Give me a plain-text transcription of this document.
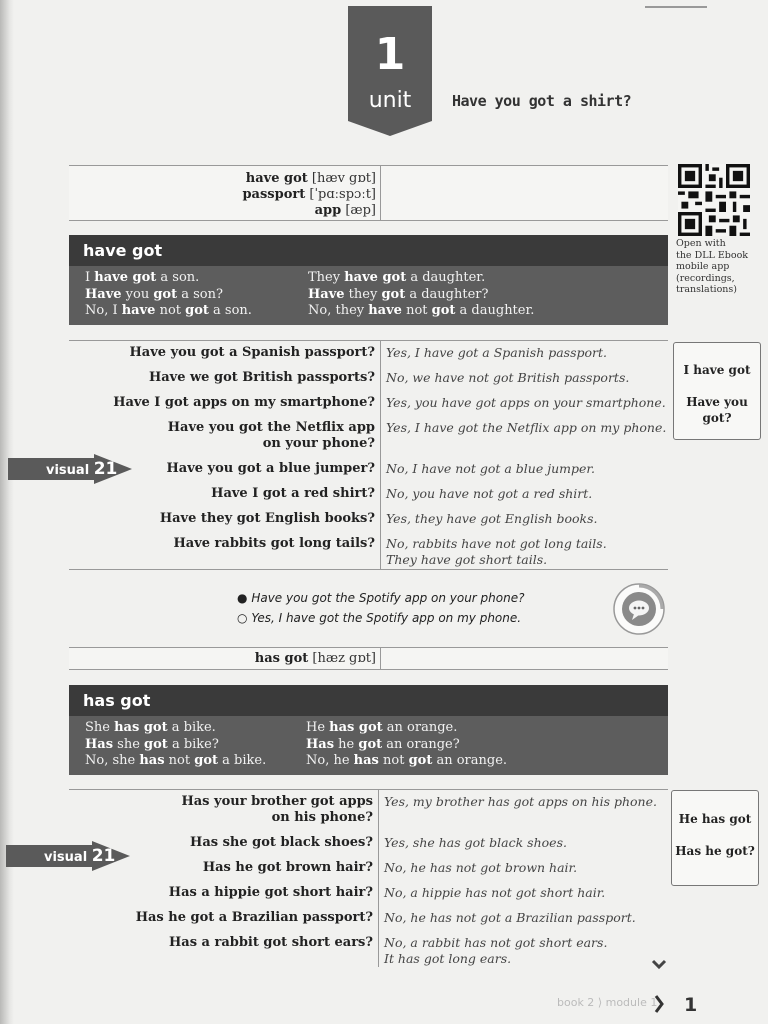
1
unit	Have you got a shirt?
have got [hæv gɒt]
passport [ˈpɑːspɔːt]
app [æp]
Open with
the DLL Ebook
mobile app
(recordings,
translations)
have got
I have got a son.
Have you got a son?
No, I have not got a son.
They have got a daughter.
Have they got a daughter?
No, they have not got a daughter.
Have you got a Spanish passport? Yes, I have got a Spanish passport.
Have we got British passports? No, we have not got British passports.
Have I got apps on my smartphone? Yes, you have got apps on your smartphone.
Have you got the Netflix app
on your phone?
Yes, I have got the Netflix app on my phone.
Have you got a blue jumper? No, I have not got a blue jumper.
Have I got a red shirt? No, you have not got a red shirt.
Have they got English books? Yes, they have got English books.
Have rabbits got long tails? No, rabbits have not got long tails.
They have got short tails.
I have got
Have you
got?
visual 21
● Have you got the Spotify app on your phone?
○ Yes, I have got the Spotify app on my phone.
has got [hæz gɒt]
has got
She has got a bike.
Has she got a bike?
No, she has not got a bike.
He has got an orange.
Has he got an orange?
No, he has not got an orange.
Has your brother got apps
on his phone?
Yes, my brother has got apps on his phone.
Has she got black shoes? Yes, she has got black shoes.
Has he got brown hair? No, he has not got brown hair.
Has a hippie got short hair? No, a hippie has not got short hair.
Has he got a Brazilian passport? No, he has not got a Brazilian passport.
Has a rabbit got short ears? No, a rabbit has not got short ears.
It has got long ears.
He has got
Has he got?
visual 21
book 2 ⟩ module 1 1
